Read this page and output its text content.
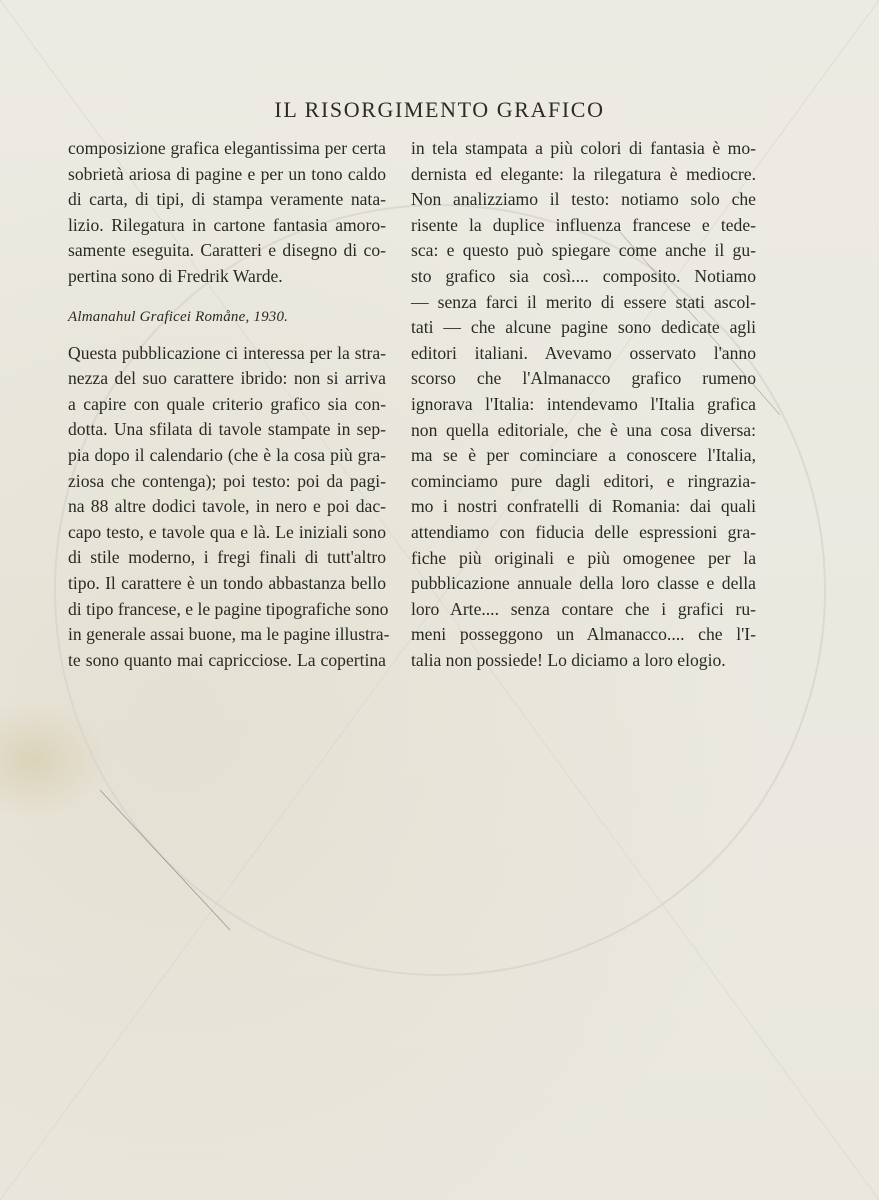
IL RISORGIMENTO GRAFICO
composizione grafica elegantissima per certa
sobrietà ariosa di pagine e per un tono caldo
di carta, di tipi, di stampa veramente nata-
lizio. Rilegatura in cartone fantasia amoro-
samente eseguita. Caratteri e disegno di co-
pertina sono di Fredrik Warde.
Almanahul Graficei Romåne, 1930.
Questa pubblicazione ci interessa per la stra-
nezza del suo carattere ibrido: non si arriva
a capire con quale criterio grafico sia con-
dotta. Una sfilata di tavole stampate in sep-
pia dopo il calendario (che è la cosa più gra-
ziosa che contenga); poi testo: poi da pagi-
na 88 altre dodici tavole, in nero e poi dac-
capo testo, e tavole qua e là. Le iniziali sono
di stile moderno, i fregi finali di tutt'altro
tipo. Il carattere è un tondo abbastanza bello
di tipo francese, e le pagine tipografiche sono
in generale assai buone, ma le pagine illustra-
te sono quanto mai capricciose. La copertina
in tela stampata a più colori di fantasia è mo-
dernista ed elegante: la rilegatura è mediocre.
Non analizziamo il testo: notiamo solo che
risente la duplice influenza francese e tede-
sca: e questo può spiegare come anche il gu-
sto grafico sia così.... composito. Notiamo
— senza farci il merito di essere stati ascol-
tati — che alcune pagine sono dedicate agli
editori italiani. Avevamo osservato l'anno
scorso che l'Almanacco grafico rumeno
ignorava l'Italia: intendevamo l'Italia grafica
non quella editoriale, che è una cosa diversa:
ma se è per cominciare a conoscere l'Italia,
cominciamo pure dagli editori, e ringrazia-
mo i nostri confratelli di Romania: dai quali
attendiamo con fiducia delle espressioni gra-
fiche più originali e più omogenee per la
pubblicazione annuale della loro classe e della
loro Arte.... senza contare che i grafici ru-
meni posseggono un Almanacco.... che l'I-
talia non possiede! Lo diciamo a loro elogio.
